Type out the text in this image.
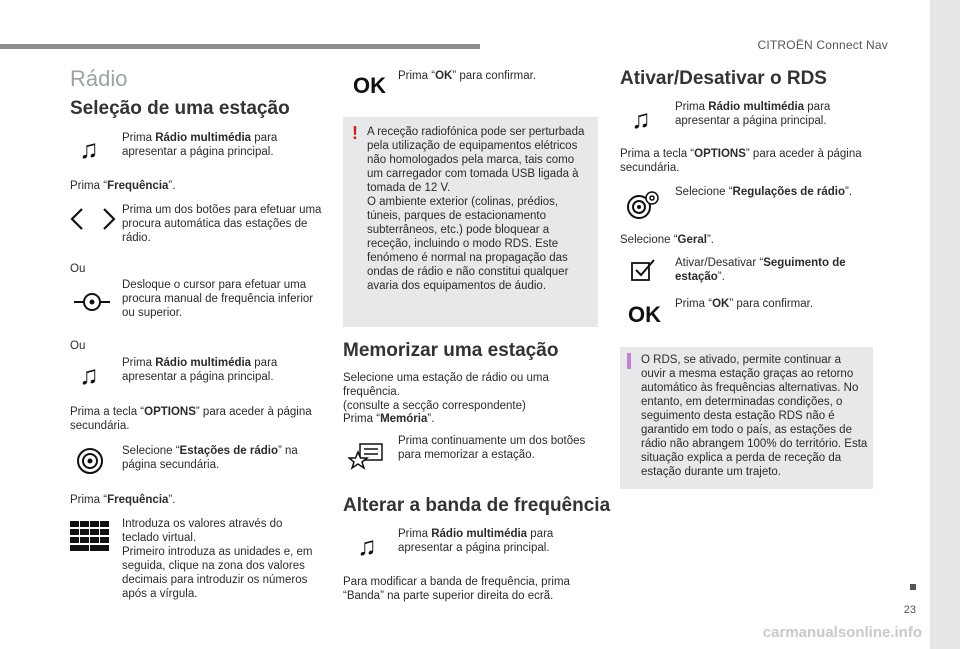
CITROËN Connect Nav
23
carmanualsonline.info
Rádio
Seleção de uma estação
♫	Prima Rádio multimédia para apresentar a página principal.
Prima “Frequência”.
Prima um dos botões para efetuar uma procura automática das estações de rádio.
Ou
Desloque o cursor para efetuar uma procura manual de frequência inferior ou superior.
Ou
♫	Prima Rádio multimédia para apresentar a página principal.
Prima a tecla “OPTIONS” para aceder à página secundária.
Selecione “Estações de rádio” na página secundária.
Prima “Frequência”.
Introduza os valores através do teclado virtual.
Primeiro introduza as unidades e, em seguida, clique na zona dos valores decimais para introduzir os números após a vírgula.
OK Prima “OK” para confirmar.
! A receção radiofónica pode ser perturbada pela utilização de equipamentos elétricos não homologados pela marca, tais como um carregador com tomada USB ligada à tomada de 12 V.
O ambiente exterior (colinas, prédios, túneis, parques de estacionamento subterrâneos, etc.) pode bloquear a receção, incluindo o modo RDS. Este fenómeno é normal na propagação das ondas de rádio e não constitui qualquer avaria dos equipamentos de áudio.
Memorizar uma estação
Selecione uma estação de rádio ou uma frequência.
(consulte a secção correspondente)
Prima “Memória”.
Prima continuamente um dos botões para memorizar a estação.
Alterar a banda de frequência
♫	Prima Rádio multimédia para apresentar a página principal.
Para modificar a banda de frequência, prima “Banda” na parte superior direita do ecrã.
Ativar/Desativar o RDS
♫	Prima Rádio multimédia para apresentar a página principal.
Prima a tecla “OPTIONS” para aceder à página secundária.
Selecione “Regulações de rádio”.
Selecione “Geral”.
Ativar/Desativar “Seguimento de estação”.
OK Prima “OK” para confirmar.
O RDS, se ativado, permite continuar a ouvir a mesma estação graças ao retorno automático às frequências alternativas. No entanto, em determinadas condições, o seguimento desta estação RDS não é garantido em todo o país, as estações de rádio não abrangem 100% do território. Esta situação explica a perda de receção da estação durante um trajeto.
